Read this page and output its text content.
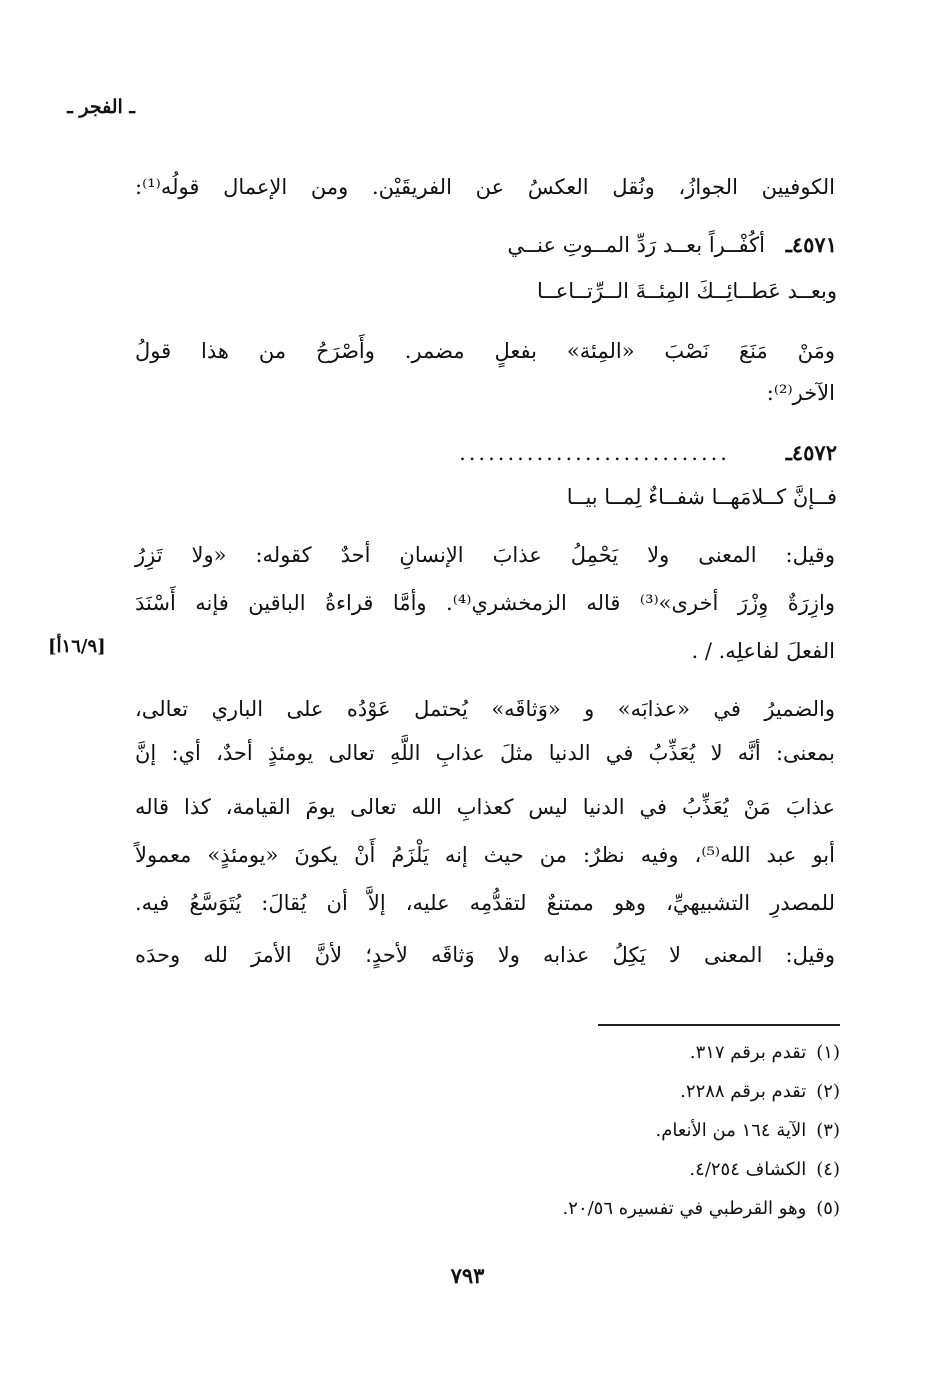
ـ الفجر ـ
الكوفيين الجوازُ، ونُقل العكسُ عن الفريقَيْن. ومن الإعمال قولُه⁽¹⁾:
٤٥٧١ـ
أكُفْــراً بعــد رَدِّ المــوتِ عنــي
وبعــد عَطــائِــكَ المِئــةَ الــرِّتــاعــا
ومَنْ مَنَعَ نَصْبَ «المِئة» بفعلٍ مضمر. وأَصْرَحُ من هذا قولُ
الآخر⁽²⁾:
٤٥٧٢ـ
............................
فــإنَّ كــلامَهــا شفــاءٌ لِمــا بيــا
وقيل: المعنى ولا يَحْمِلُ عذابَ الإنسانِ أحدٌ كقوله: «ولا تَزِرُ
وازِرَةٌ وِزْرَ أخرى»⁽³⁾ قاله الزمخشري⁽⁴⁾. وأمَّا قراءةُ الباقين فإنه أَسْنَدَ
الفعلَ لفاعلِه. / .
[١٦/٩أ]
والضميرُ في «عذابَه» و «وَثاقَه» يُحتمل عَوْدُه على الباري تعالى،
بمعنى: أنَّه لا يُعَذِّبُ في الدنيا مثلَ عذابِ اللَّهِ تعالى يومئذٍ أحدٌ، أي: إنَّ
عذابَ مَنْ يُعَذِّبُ في الدنيا ليس كعذابِ الله تعالى يومَ القيامة، كذا قاله
أبو عبد الله⁽⁵⁾، وفيه نظرٌ: من حيث إنه يَلْزَمُ أَنْ يكونَ «يومئذٍ» معمولاً
للمصدرِ التشبيهيِّ، وهو ممتنعٌ لتقدُّمِه عليه، إلاَّ أن يُقالَ: يُتَوَسَّعُ فيه.
وقيل: المعنى لا يَكِلُ عذابه ولا وَثاقَه لأحدٍ؛ لأنَّ الأمرَ لله وحدَه
(١)تقدم برقم ٣١٧.
(٢)تقدم برقم ٢٢٨٨.
(٣)الآية ١٦٤ من الأنعام.
(٤)الكشاف ٤/٢٥٤.
(٥)وهو القرطبي في تفسيره ٢٠/٥٦.
٧٩٣
